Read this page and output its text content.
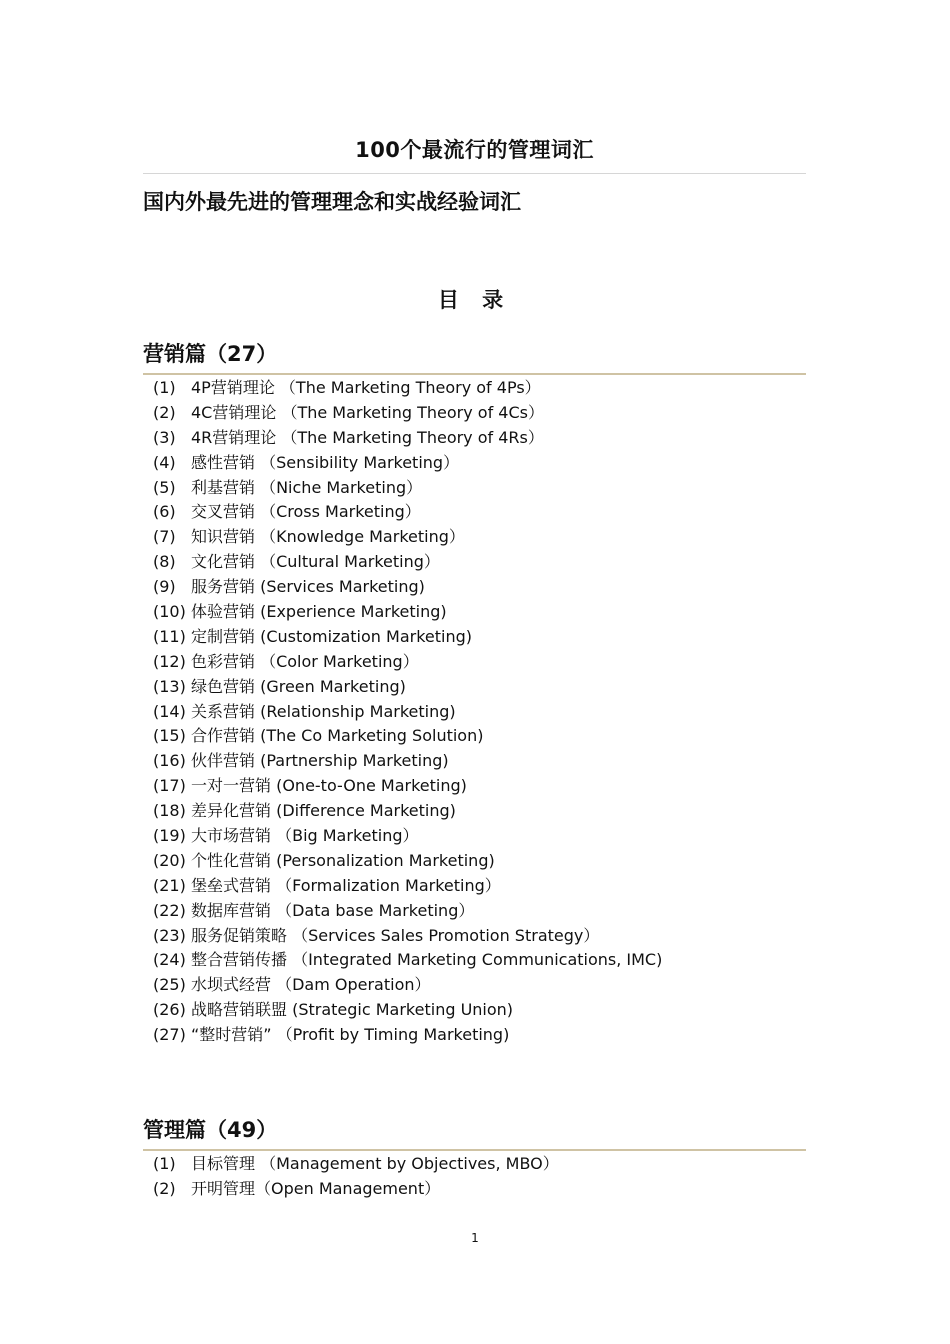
100个最流行的管理词汇
国内外最先进的管理理念和实战经验词汇
目 录
营销篇（27）
(1) 4P营销理论 （The Marketing Theory of 4Ps）
(2) 4C营销理论 （The Marketing Theory of 4Cs）
(3) 4R营销理论 （The Marketing Theory of 4Rs）
(4) 感性营销 （Sensibility Marketing）
(5) 利基营销 （Niche Marketing）
(6) 交叉营销 （Cross Marketing）
(7) 知识营销 （Knowledge Marketing）
(8) 文化营销 （Cultural Marketing）
(9) 服务营销 (Services Marketing)
(10) 体验营销 (Experience Marketing)
(11) 定制营销 (Customization Marketing)
(12) 色彩营销 （Color Marketing）
(13) 绿色营销 (Green Marketing)
(14) 关系营销 (Relationship Marketing)
(15) 合作营销 (The Co Marketing Solution)
(16) 伙伴营销 (Partnership Marketing)
(17) 一对一营销 (One-to-One Marketing)
(18) 差异化营销 (Difference Marketing)
(19) 大市场营销 （Big Marketing）
(20) 个性化营销 (Personalization Marketing)
(21) 堡垒式营销 （Formalization Marketing）
(22) 数据库营销 （Data base Marketing）
(23) 服务促销策略 （Services Sales Promotion Strategy）
(24) 整合营销传播 （Integrated Marketing Communications, IMC)
(25) 水坝式经营 （Dam Operation）
(26) 战略营销联盟 (Strategic Marketing Union)
(27) “整时营销” （Profit by Timing Marketing)
管理篇（49）
(1) 目标管理 （Management by Objectives, MBO）
(2) 开明管理（Open Management）
1
